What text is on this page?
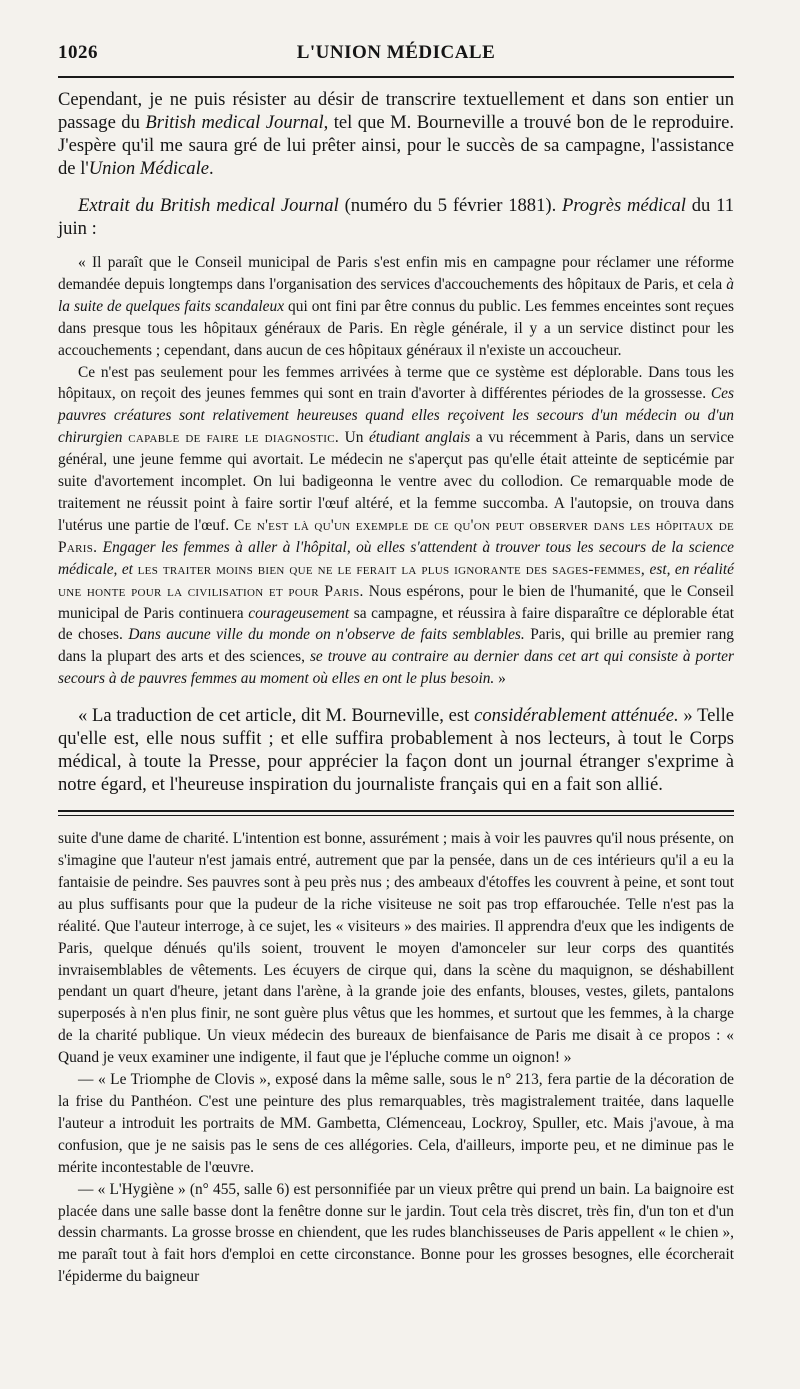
1026	L'UNION MÉDICALE

Cependant, je ne puis résister au désir de transcrire textuellement et dans son entier un passage du British medical Journal, tel que M. Bourneville a trouvé bon de le reproduire. J'espère qu'il me saura gré de lui prêter ainsi, pour le succès de sa campagne, l'assistance de l'Union Médicale.

Extrait du British medical Journal (numéro du 5 février 1881). Progrès médical du 11 juin :

« Il paraît que le Conseil municipal de Paris s'est enfin mis en campagne pour réclamer une réforme demandée depuis longtemps dans l'organisation des services d'accouchements des hôpitaux de Paris, et cela à la suite de quelques faits scandaleux qui ont fini par être connus du public. Les femmes enceintes sont reçues dans presque tous les hôpitaux généraux de Paris. En règle générale, il y a un service distinct pour les accouchements ; cependant, dans aucun de ces hôpitaux généraux il n'existe un accoucheur.

Ce n'est pas seulement pour les femmes arrivées à terme que ce système est déplorable. Dans tous les hôpitaux, on reçoit des jeunes femmes qui sont en train d'avorter à différentes périodes de la grossesse. Ces pauvres créatures sont relativement heureuses quand elles reçoivent les secours d'un médecin ou d'un chirurgien capable de faire le diagnostic. Un étudiant anglais a vu récemment à Paris, dans un service général, une jeune femme qui avortait. Le médecin ne s'aperçut pas qu'elle était atteinte de septicémie par suite d'avortement incomplet. On lui badigeonna le ventre avec du collodion. Ce remarquable mode de traitement ne réussit point à faire sortir l'œuf altéré, et la femme succomba. A l'autopsie, on trouva dans l'utérus une partie de l'œuf. Ce n'est là qu'un exemple de ce qu'on peut observer dans les hôpitaux de Paris. Engager les femmes à aller à l'hôpital, où elles s'attendent à trouver tous les secours de la science médicale, et les traiter moins bien que ne le ferait la plus ignorante des sages-femmes, est, en réalité une honte pour la civilisation et pour Paris. Nous espérons, pour le bien de l'humanité, que le Conseil municipal de Paris continuera courageusement sa campagne, et réussira à faire disparaître ce déplorable état de choses. Dans aucune ville du monde on n'observe de faits semblables. Paris, qui brille au premier rang dans la plupart des arts et des sciences, se trouve au contraire au dernier dans cet art qui consiste à porter secours à de pauvres femmes au moment où elles en ont le plus besoin. »

« La traduction de cet article, dit M. Bourneville, est considérablement atténuée. » Telle qu'elle est, elle nous suffit ; et elle suffira probablement à nos lecteurs, à tout le Corps médical, à toute la Presse, pour apprécier la façon dont un journal étranger s'exprime à notre égard, et l'heureuse inspiration du journaliste français qui en a fait son allié.

suite d'une dame de charité. L'intention est bonne, assurément ; mais à voir les pauvres qu'il nous présente, on s'imagine que l'auteur n'est jamais entré, autrement que par la pensée, dans un de ces intérieurs qu'il a eu la fantaisie de peindre. Ses pauvres sont à peu près nus ; des ambeaux d'étoffes les couvrent à peine, et sont tout au plus suffisants pour que la pudeur de la riche visiteuse ne soit pas trop effarouchée. Telle n'est pas la réalité. Que l'auteur interroge, à ce sujet, les « visiteurs » des mairies. Il apprendra d'eux que les indigents de Paris, quelque dénués qu'ils soient, trouvent le moyen d'amonceler sur leur corps des quantités invraisemblables de vêtements. Les écuyers de cirque qui, dans la scène du maquignon, se déshabillent pendant un quart d'heure, jetant dans l'arène, à la grande joie des enfants, blouses, vestes, gilets, pantalons superposés à n'en plus finir, ne sont guère plus vêtus que les hommes, et surtout que les femmes, à la charge de la charité publique. Un vieux médecin des bureaux de bienfaisance de Paris me disait à ce propos : « Quand je veux examiner une indigente, il faut que je l'épluche comme un oignon! »

— « Le Triomphe de Clovis », exposé dans la même salle, sous le n° 213, fera partie de la décoration de la frise du Panthéon. C'est une peinture des plus remarquables, très magistralement traitée, dans laquelle l'auteur a introduit les portraits de MM. Gambetta, Clémenceau, Lockroy, Spuller, etc. Mais j'avoue, à ma confusion, que je ne saisis pas le sens de ces allégories. Cela, d'ailleurs, importe peu, et ne diminue pas le mérite incontestable de l'œuvre.

— « L'Hygiène » (n° 455, salle 6) est personnifiée par un vieux prêtre qui prend un bain. La baignoire est placée dans une salle basse dont la fenêtre donne sur le jardin. Tout cela très discret, très fin, d'un ton et d'un dessin charmants. La grosse brosse en chiendent, que les rudes blanchisseuses de Paris appellent « le chien », me paraît tout à fait hors d'emploi en cette circonstance. Bonne pour les grosses besognes, elle écorcherait l'épiderme du baigneur
